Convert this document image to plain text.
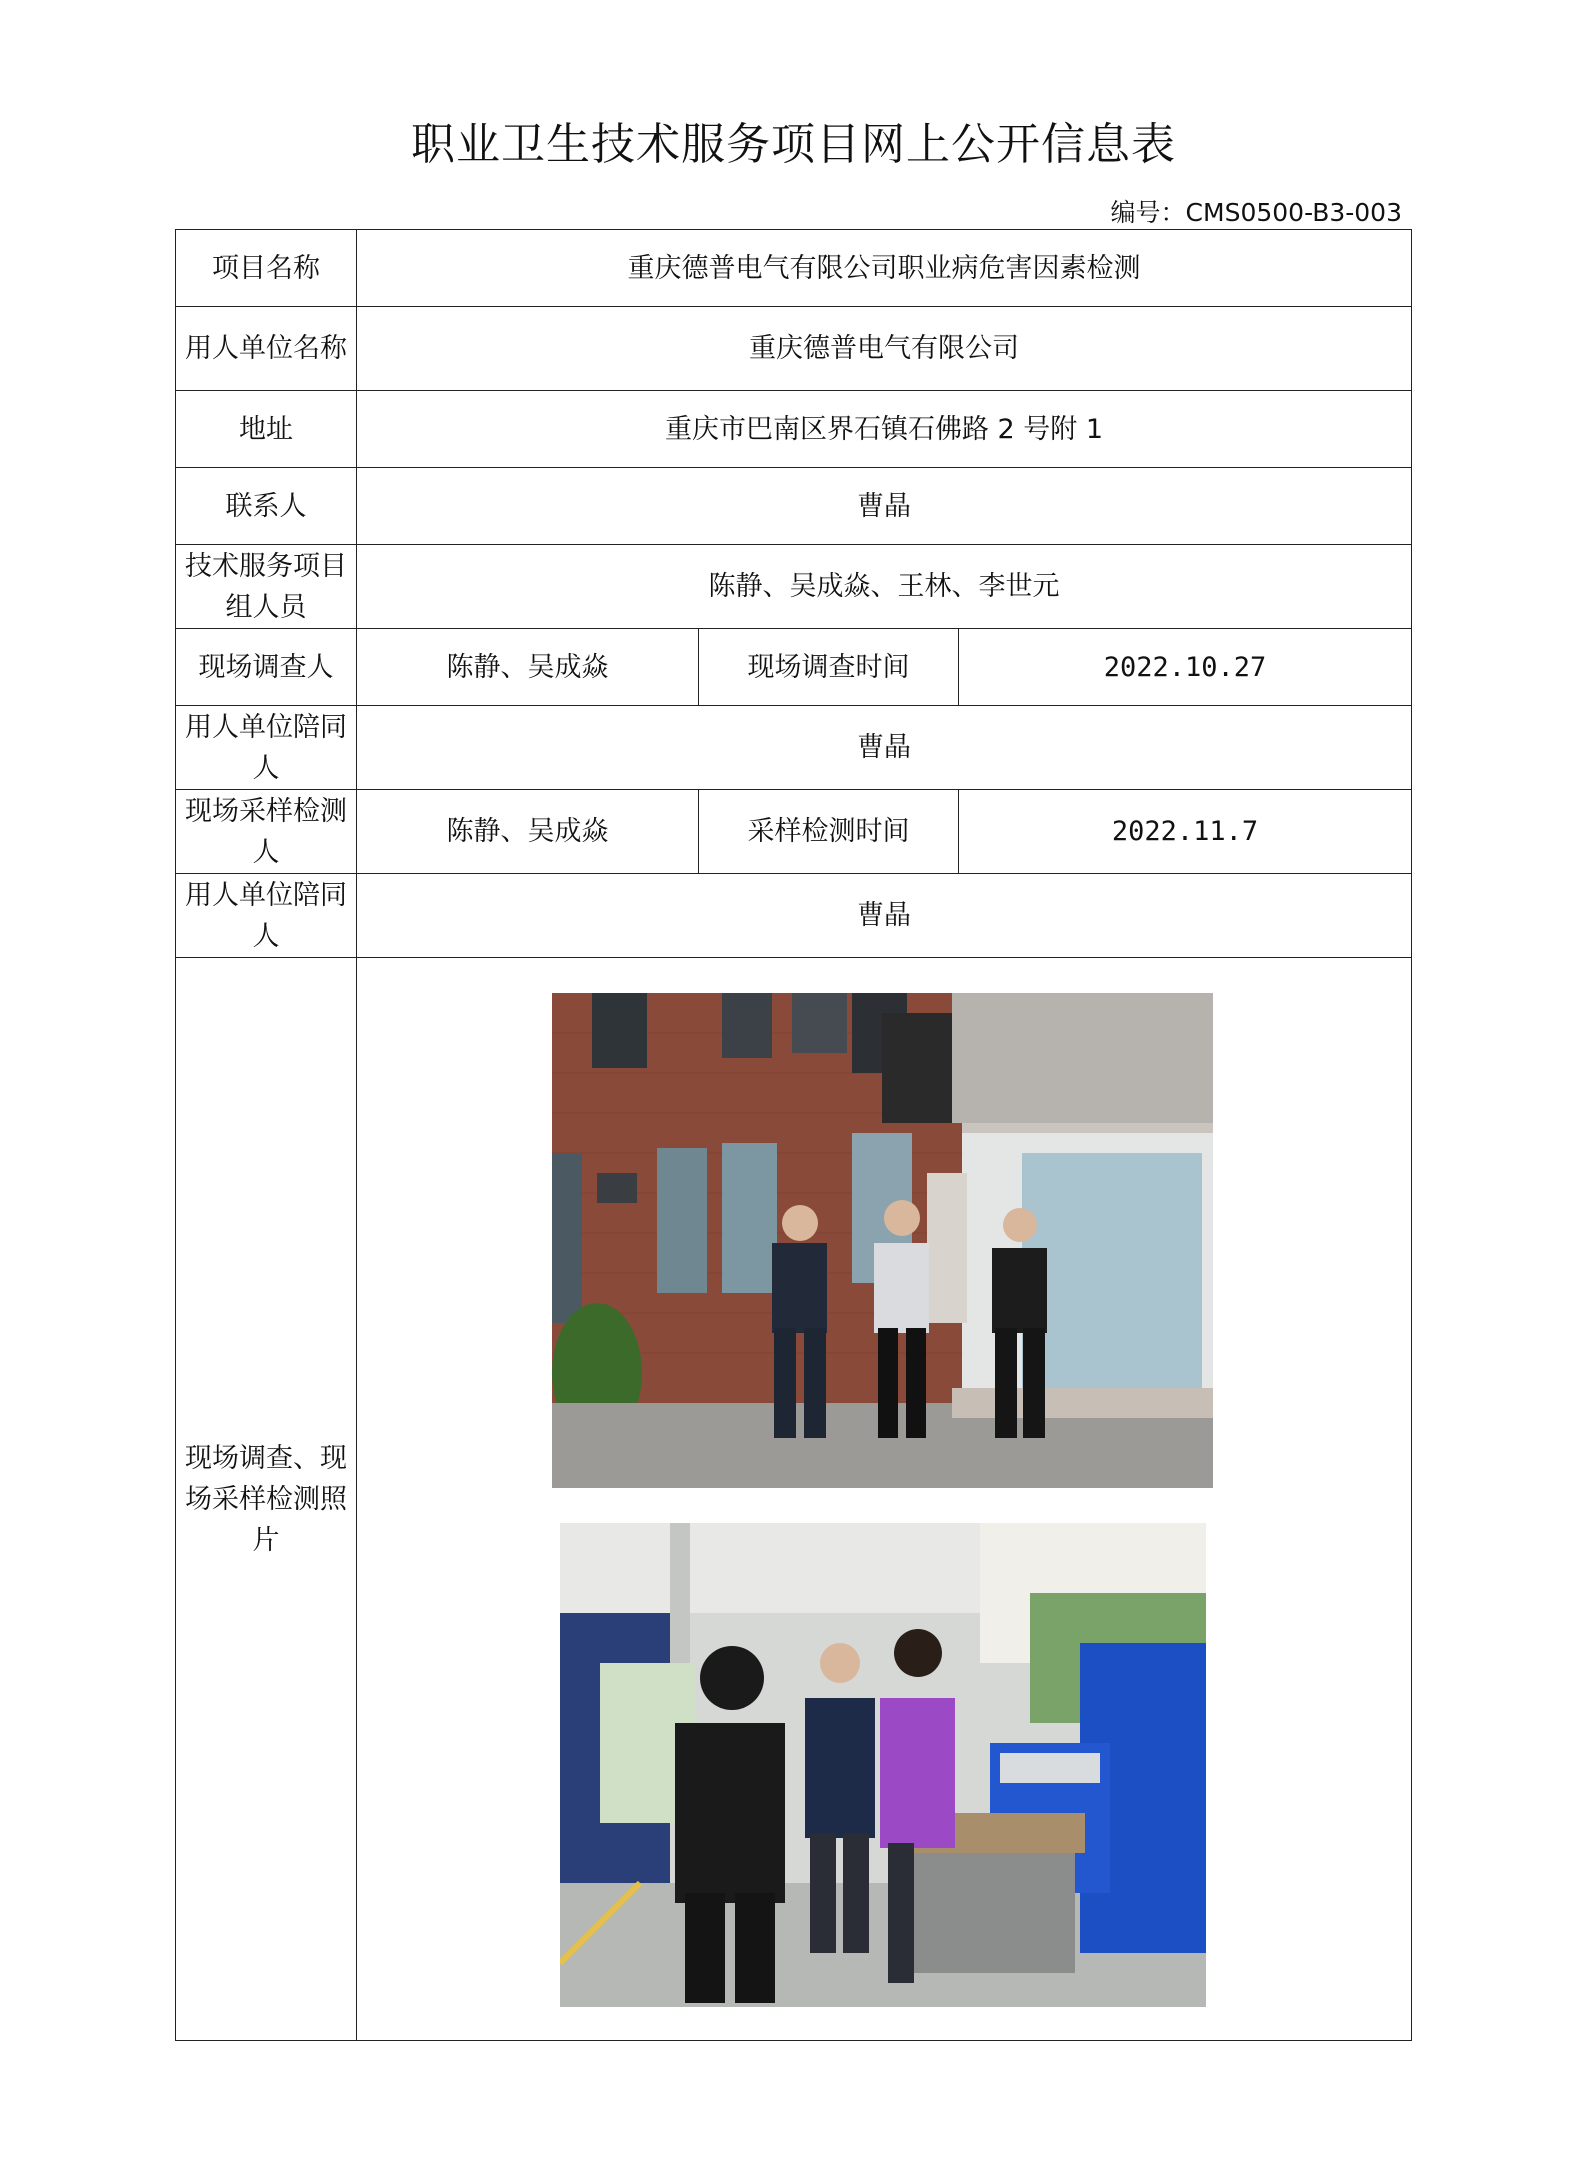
职业卫生技术服务项目网上公开信息表
编号：CMS0500-B3-003
项目名称	重庆德普电气有限公司职业病危害因素检测		
用人单位名称	重庆德普电气有限公司		
地址	重庆市巴南区界石镇石佛路 2 号附 1		
联系人	曹晶		
技术服务项目组人员	陈静、吴成焱、王林、李世元		
现场调查人	陈静、吴成焱	现场调查时间	2022.10.27
用人单位陪同人	曹晶		
现场采样检测人	陈静、吴成焱	采样检测时间	2022.11.7
用人单位陪同人	曹晶		
现场调查、现场采样检测照片	
